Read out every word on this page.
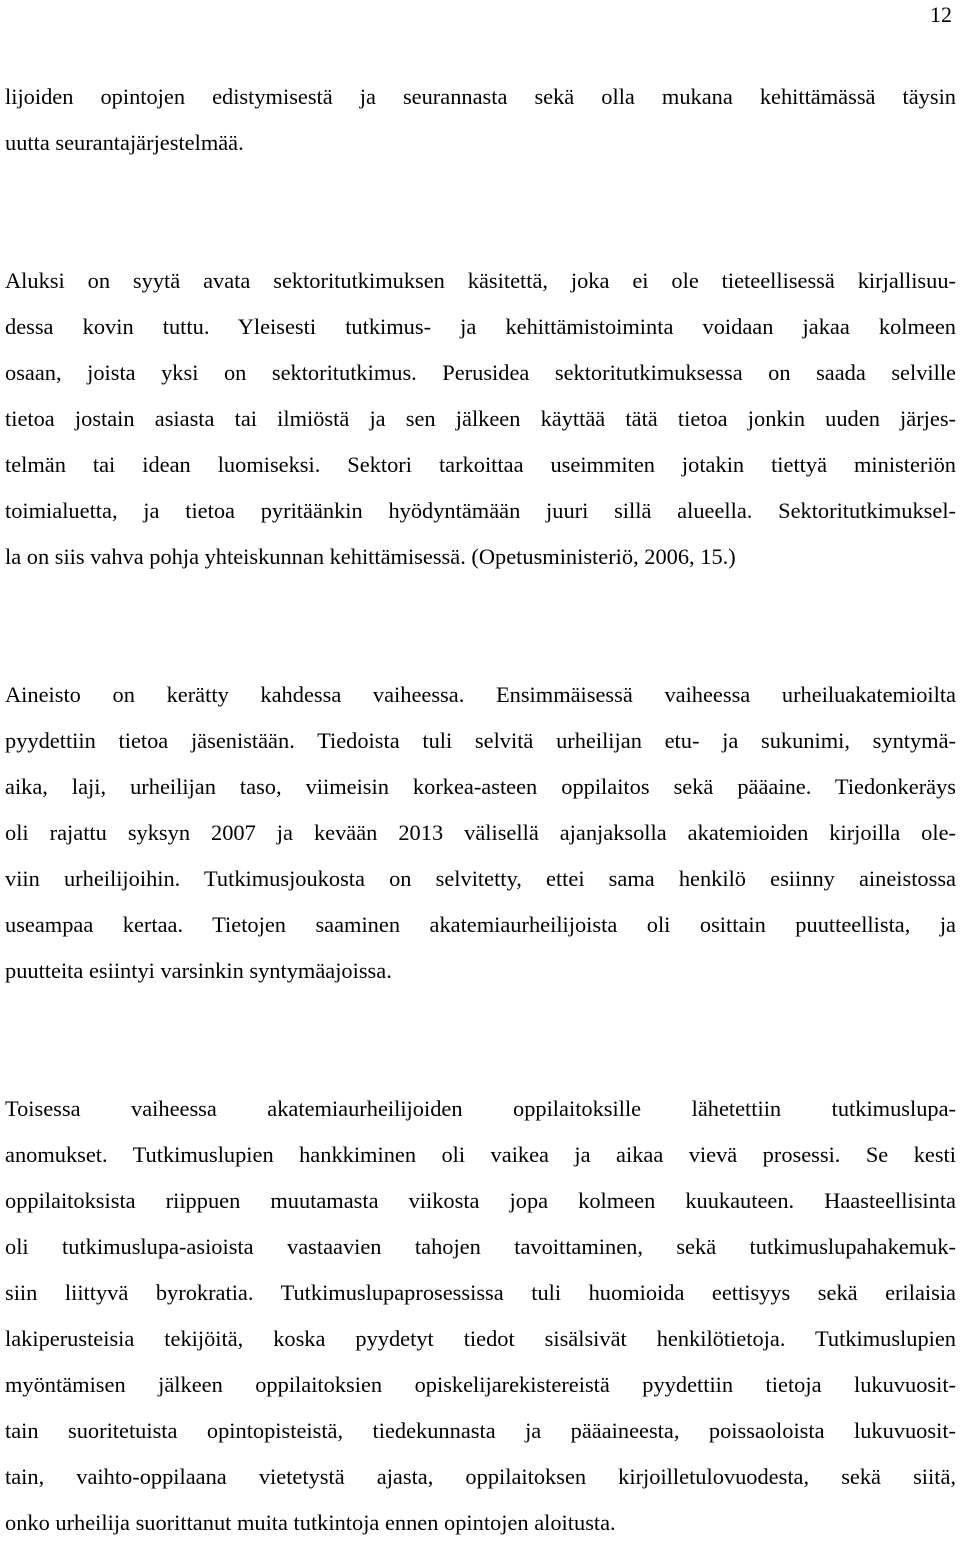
12
lijoiden opintojen edistymisestä ja seurannasta sekä olla mukana kehittämässä täysin
uutta seurantajärjestelmää.
Aluksi on syytä avata sektoritutkimuksen käsitettä, joka ei ole tieteellisessä kirjallisuu-
dessa kovin tuttu. Yleisesti tutkimus- ja kehittämistoiminta voidaan jakaa kolmeen
osaan, joista yksi on sektoritutkimus. Perusidea sektoritutkimuksessa on saada selville
tietoa jostain asiasta tai ilmiöstä ja sen jälkeen käyttää tätä tietoa jonkin uuden järjes-
telmän tai idean luomiseksi. Sektori tarkoittaa useimmiten jotakin tiettyä ministeriön
toimialuetta, ja tietoa pyritäänkin hyödyntämään juuri sillä alueella. Sektoritutkimuksel-
la on siis vahva pohja yhteiskunnan kehittämisessä. (Opetusministeriö, 2006, 15.)
Aineisto on kerätty kahdessa vaiheessa. Ensimmäisessä vaiheessa urheiluakatemioilta
pyydettiin tietoa jäsenistään. Tiedoista tuli selvitä urheilijan etu- ja sukunimi, syntymä-
aika, laji, urheilijan taso, viimeisin korkea-asteen oppilaitos sekä pääaine. Tiedonkeräys
oli rajattu syksyn 2007 ja kevään 2013 välisellä ajanjaksolla akatemioiden kirjoilla ole-
viin urheilijoihin. Tutkimusjoukosta on selvitetty, ettei sama henkilö esiinny aineistossa
useampaa kertaa. Tietojen saaminen akatemiaurheilijoista oli osittain puutteellista, ja
puutteita esiintyi varsinkin syntymäajoissa.
Toisessa vaiheessa akatemiaurheilijoiden oppilaitoksille lähetettiin tutkimuslupa-
anomukset. Tutkimuslupien hankkiminen oli vaikea ja aikaa vievä prosessi. Se kesti
oppilaitoksista riippuen muutamasta viikosta jopa kolmeen kuukauteen. Haasteellisinta
oli tutkimuslupa-asioista vastaavien tahojen tavoittaminen, sekä tutkimuslupahakemuk-
siin liittyvä byrokratia. Tutkimuslupaprosessissa tuli huomioida eettisyys sekä erilaisia
lakiperusteisia tekijöitä, koska pyydetyt tiedot sisälsivät henkilötietoja. Tutkimuslupien
myöntämisen jälkeen oppilaitoksien opiskelijarekistereistä pyydettiin tietoja lukuvuosit-
tain suoritetuista opintopisteistä, tiedekunnasta ja pääaineesta, poissaoloista lukuvuosit-
tain, vaihto-oppilaana vietetystä ajasta, oppilaitoksen kirjoilletulovuodesta, sekä siitä,
onko urheilija suorittanut muita tutkintoja ennen opintojen aloitusta.
